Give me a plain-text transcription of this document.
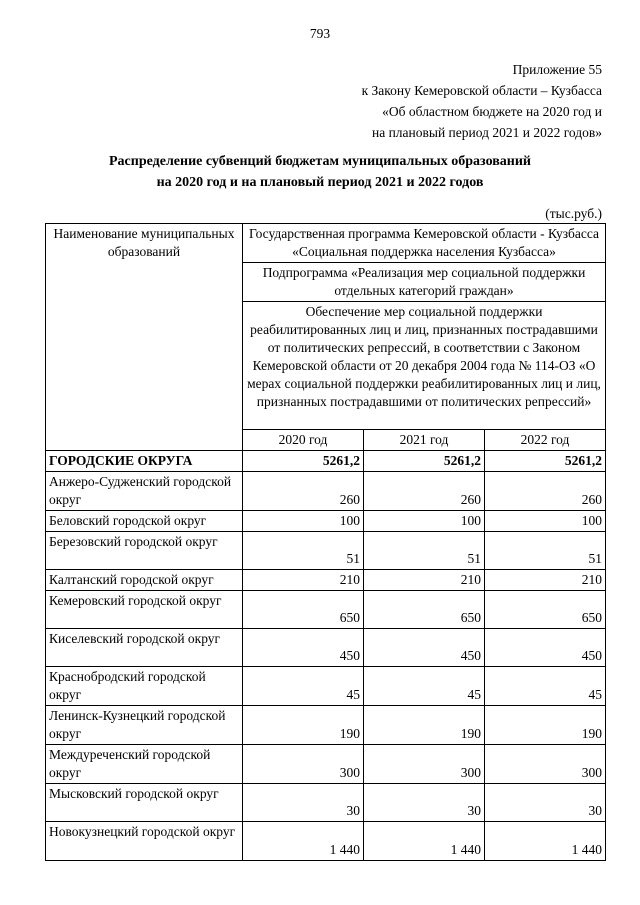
793
Приложение 55
к Закону Кемеровской области – Кузбасса
«Об областном бюджете на 2020 год и
на плановый период 2021 и 2022 годов»
Распределение субвенций бюджетам муниципальных образований
на 2020 год и на плановый период 2021 и 2022 годов
(тыс.руб.)
Наименование муниципальных образований	Государственная программа Кемеровской области - Кузбасса «Социальная поддержка населения Кузбасса»		
	Подпрограмма «Реализация мер социальной поддержки отдельных категорий граждан»		
	Обеспечение мер социальной поддержки реабилитированных лиц и лиц, признанных пострадавшими от политических репрессий, в соответствии с Законом Кемеровской области от 20 декабря 2004 года № 114-ОЗ «О мерах социальной поддержки реабилитированных лиц и лиц, признанных пострадавшими от политических репрессий»		
	2020 год	2021 год	2022 год
ГОРОДСКИЕ ОКРУГА	5261,2	5261,2	5261,2
Анжеро-Судженский городской округ	260	260	260
Беловский городской округ	100	100	100
Березовский городской округ	51	51	51
Калтанский городской округ	210	210	210
Кемеровский городской округ	650	650	650
Киселевский городской округ	450	450	450
Краснобродский городской округ	45	45	45
Ленинск-Кузнецкий городской округ	190	190	190
Междуреченский городской округ	300	300	300
Мысковский городской округ	30	30	30
Новокузнецкий городской округ	1 440	1 440	1 440
